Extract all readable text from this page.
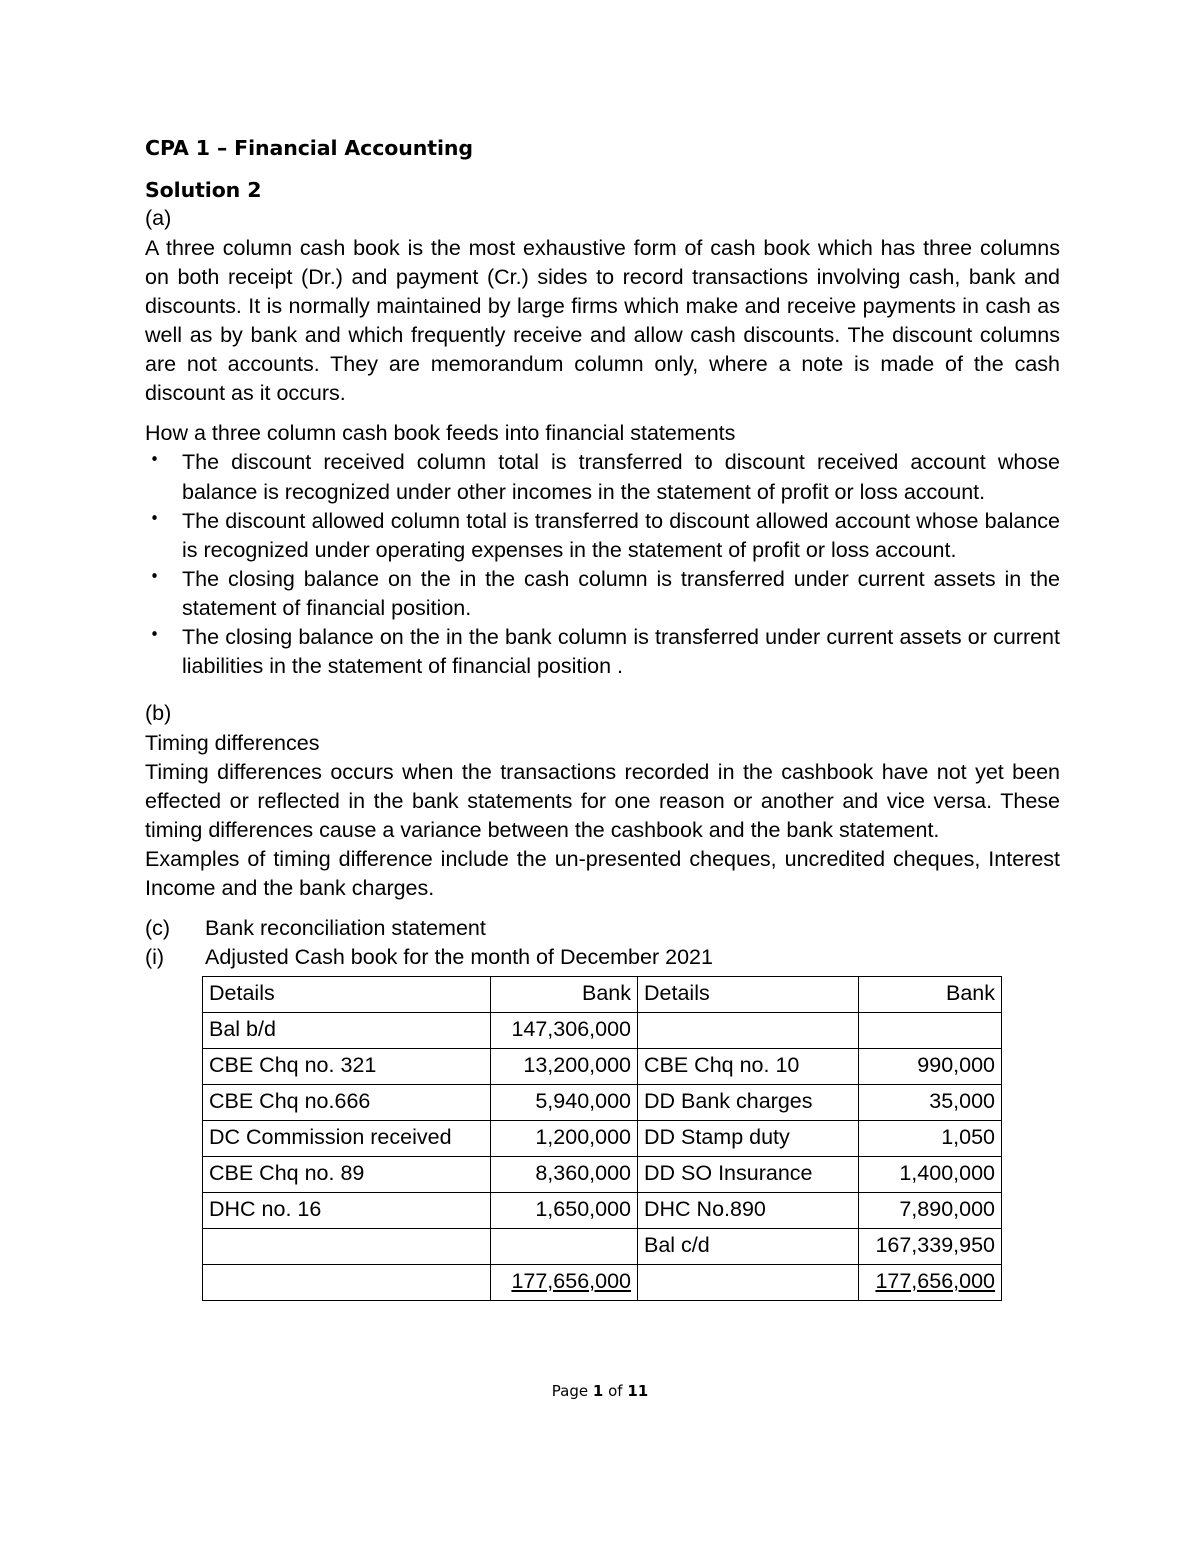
CPA 1 – Financial Accounting
Solution 2
(a)

A three column cash book is the most exhaustive form of cash book which has three columns on both receipt (Dr.) and payment (Cr.) sides to record transactions involving cash, bank and discounts. It is normally maintained by large firms which make and receive payments in cash as well as by bank and which frequently receive and allow cash discounts. The discount columns are not accounts. They are memorandum column only, where a note is made of the cash discount as it occurs.

How a three column cash book feeds into financial statements
• The discount received column total is transferred to discount received account whose balance is recognized under other incomes in the statement of profit or loss account.
• The discount allowed column total is transferred to discount allowed account whose balance is recognized under operating expenses in the statement of profit or loss account.
• The closing balance on the in the cash column is transferred under current assets in the statement of financial position.
• The closing balance on the in the bank column is transferred under current assets or current liabilities in the statement of financial position .
(b)
Timing differences

Timing differences occurs when the transactions recorded in the cashbook have not yet been effected or reflected in the bank statements for one reason or another and vice versa. These timing differences cause a variance between the cashbook and the bank statement.

Examples of timing difference include the un-presented cheques, uncredited cheques, Interest Income and the bank charges.

(c)	Bank reconciliation statement
(i)	Adjusted Cash book for the month of December 2021
Details	Bank	Details	Bank
Bal b/d	147,306,000		
CBE Chq no. 321	13,200,000	CBE Chq no. 10	990,000
CBE Chq no.666	5,940,000	DD Bank charges	35,000
DC Commission received	1,200,000	DD Stamp duty	1,050
CBE Chq no. 89	8,360,000	DD SO Insurance	1,400,000
DHC no. 16	1,650,000	DHC No.890	7,890,000
		Bal c/d	167,339,950
	177,656,000		177,656,000
Page 1 of 11
